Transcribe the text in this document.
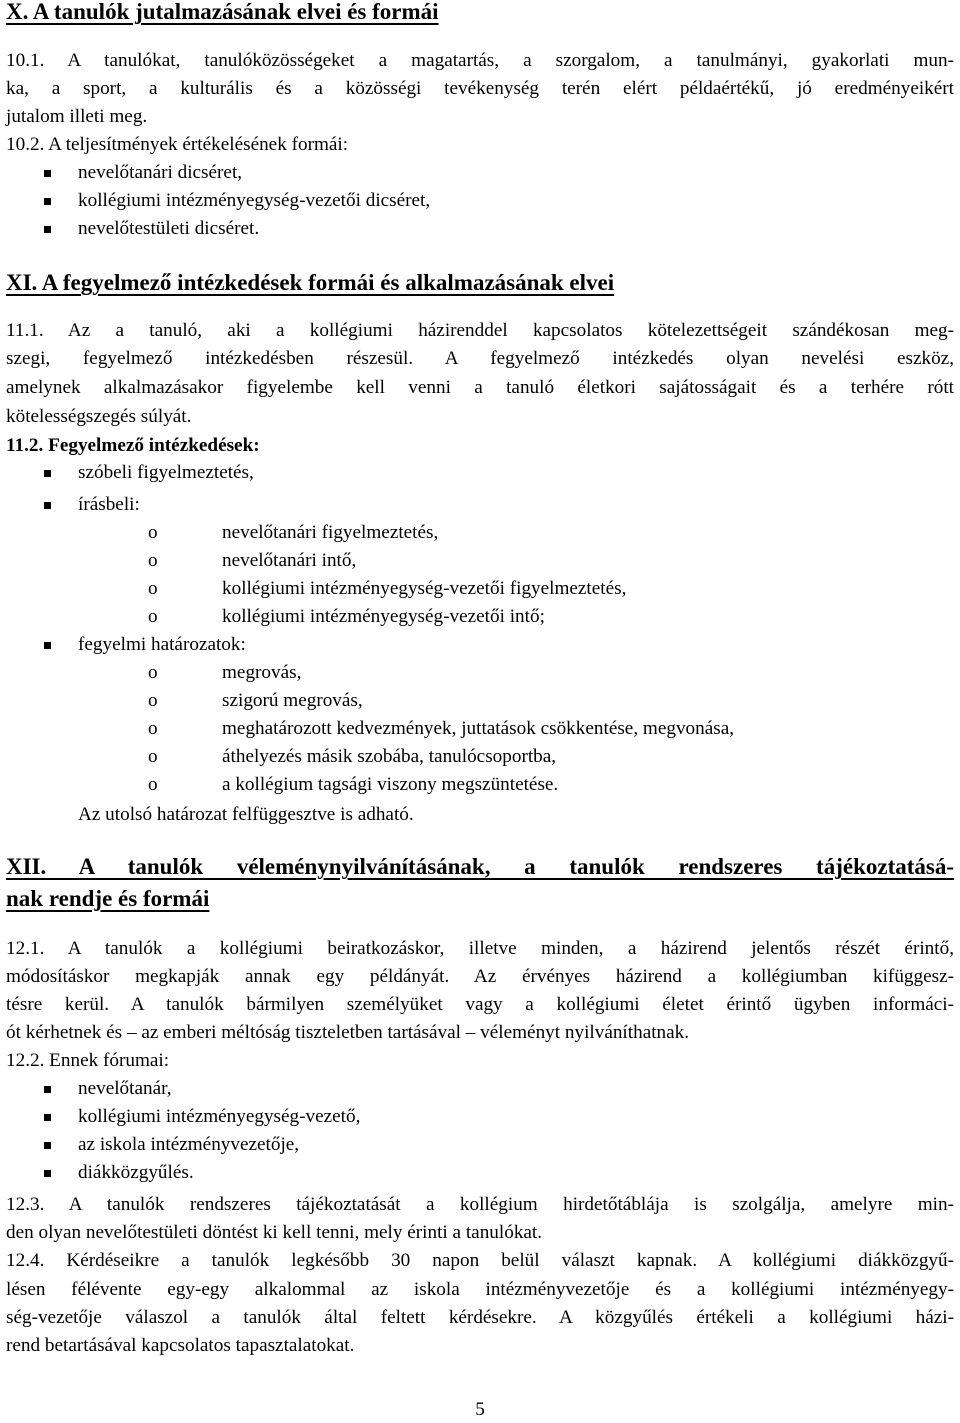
X. A tanulók jutalmazásának elvei és formái
10.1. A tanulókat, tanulóközösségeket a magatartás, a szorgalom, a tanulmányi, gyakorlati mun-
ka, a sport, a kulturális és a közösségi tevékenység terén elért példaértékű, jó eredményeikért
jutalom illeti meg.
10.2. A teljesítmények értékelésének formái:
nevelőtanári dicséret,
kollégiumi intézményegység-vezetői dicséret,
nevelőtestületi dicséret.
XI. A fegyelmező intézkedések formái és alkalmazásának elvei
11.1. Az a tanuló, aki a kollégiumi házirenddel kapcsolatos kötelezettségeit szándékosan meg-
szegi, fegyelmező intézkedésben részesül. A fegyelmező intézkedés olyan nevelési eszköz,
amelynek alkalmazásakor figyelembe kell venni a tanuló életkori sajátosságait és a terhére rótt
kötelességszegés súlyát.
11.2. Fegyelmező intézkedések:
szóbeli figyelmeztetés,
írásbeli:
o	nevelőtanári figyelmeztetés,
o	nevelőtanári intő,
o	kollégiumi intézményegység-vezetői figyelmeztetés,
o	kollégiumi intézményegység-vezetői intő;
fegyelmi határozatok:
o	megrovás,
o	szigorú megrovás,
o	meghatározott kedvezmények, juttatások csökkentése, megvonása,
o	áthelyezés másik szobába, tanulócsoportba,
o	a kollégium tagsági viszony megszüntetése.
Az utolsó határozat felfüggesztve is adható.
XII. A tanulók véleménynyilvánításának, a tanulók rendszeres tájékoztatásá-
nak rendje és formái
12.1. A tanulók a kollégiumi beiratkozáskor, illetve minden, a házirend jelentős részét érintő,
módosításkor megkapják annak egy példányát. Az érvényes házirend a kollégiumban kifüggesz-
tésre kerül. A tanulók bármilyen személyüket vagy a kollégiumi életet érintő ügyben informáci-
ót kérhetnek és – az emberi méltóság tiszteletben tartásával – véleményt nyilváníthatnak.
12.2. Ennek fórumai:
nevelőtanár,
kollégiumi intézményegység-vezető,
az iskola intézményvezetője,
diákközgyűlés.
12.3. A tanulók rendszeres tájékoztatását a kollégium hirdetőtáblája is szolgálja, amelyre min-
den olyan nevelőtestületi döntést ki kell tenni, mely érinti a tanulókat.
12.4. Kérdéseikre a tanulók legkésőbb 30 napon belül választ kapnak. A kollégiumi diákközgyű-
lésen félévente egy-egy alkalommal az iskola intézményvezetője és a kollégiumi intézményegy-
ség-vezetője válaszol a tanulók által feltett kérdésekre. A közgyűlés értékeli a kollégiumi házi-
rend betartásával kapcsolatos tapasztalatokat.
5
